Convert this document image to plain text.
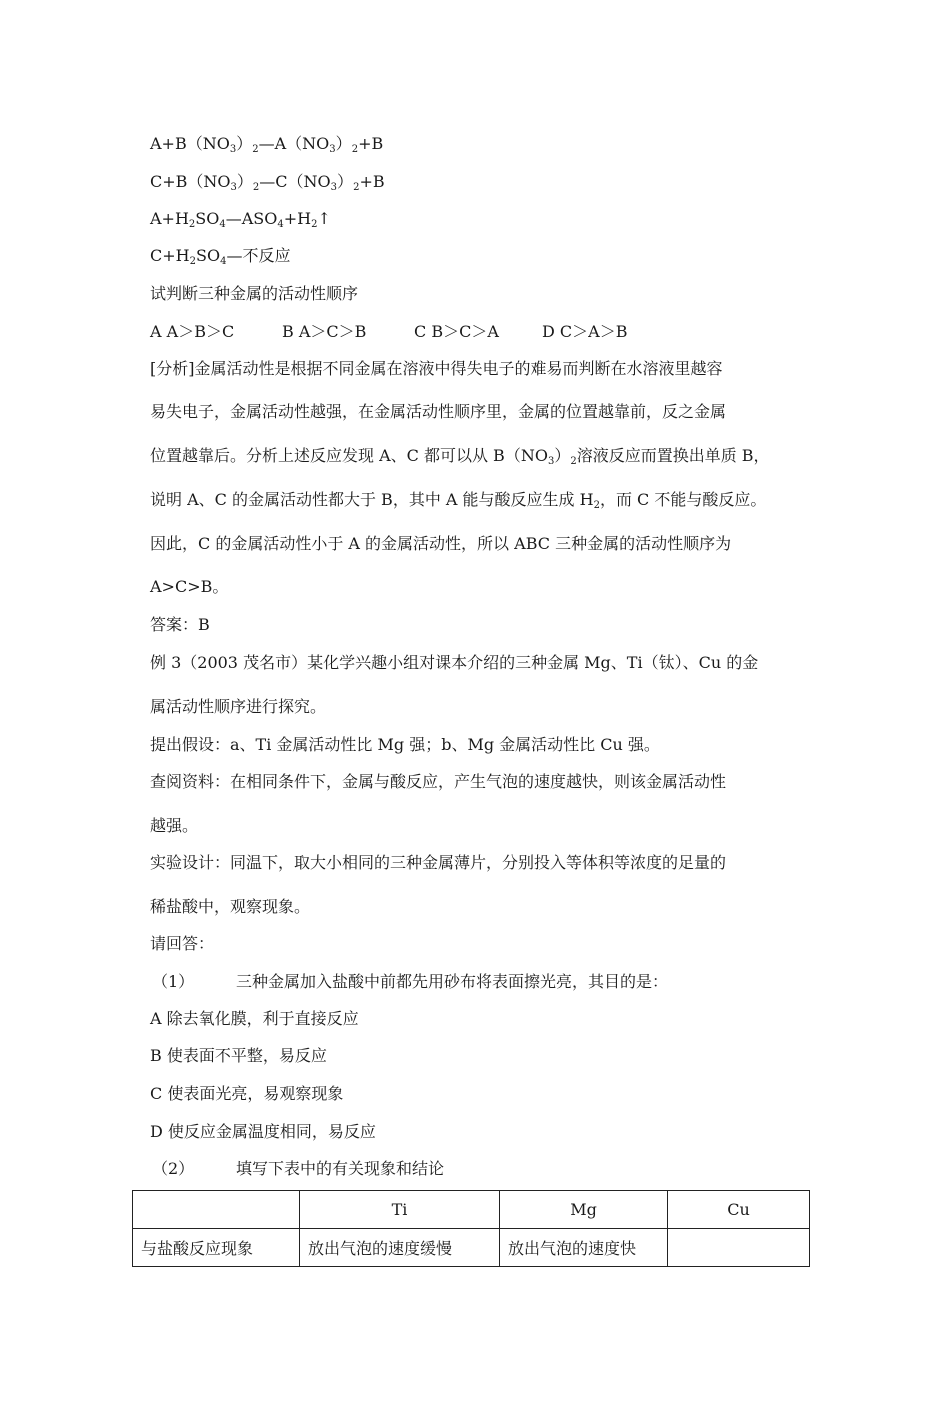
$A+B(NO_3)_2—A(NO_3)_2+B$
$C+B(NO_3)_2—C(NO_3)_2+B$
$A+H_2SO_4—ASO_4+H_2↑$
$C+H_2SO_4—$不反应
试判断三种金属的活动性顺序
A A＞B＞C	B A＞C＞B	C B＞C＞A	D C＞A＞B
[分析]金属活动性是根据不同金属在溶液中得失电子的难易而判断在水溶液里越容
易失电子，金属活动性越强，在金属活动性顺序里，金属的位置越靠前，反之金属
位置越靠后。分析上述反应发现 A、C 都可以从 $B(NO_3)_2$溶液反应而置换出单质 B，
说明 A、C 的金属活动性都大于 B，其中 A 能与酸反应生成 $H_2$，而 C 不能与酸反应。
因此，C 的金属活动性小于 A 的金属活动性，所以 ABC 三种金属的活动性顺序为
A>C>B。
答案：B
例 3（2003 茂名市）某化学兴趣小组对课本介绍的三种金属 Mg、Ti（钛）、Cu 的金
属活动性顺序进行探究。
提出假设：a、Ti 金属活动性比 Mg 强；b、Mg 金属活动性比 Cu 强。
查阅资料：在相同条件下，金属与酸反应，产生气泡的速度越快，则该金属活动性
越强。
实验设计：同温下，取大小相同的三种金属薄片，分别投入等体积等浓度的足量的
稀盐酸中，观察现象。
请回答：
（1）	三种金属加入盐酸中前都先用砂布将表面擦光亮，其目的是：
A 除去氧化膜，利于直接反应
B 使表面不平整，易反应
C 使表面光亮，易观察现象
D 使反应金属温度相同，易反应
（2）	填写下表中的有关现象和结论
	Ti	Mg	Cu
与盐酸反应现象	放出气泡的速度缓慢	放出气泡的速度快	
